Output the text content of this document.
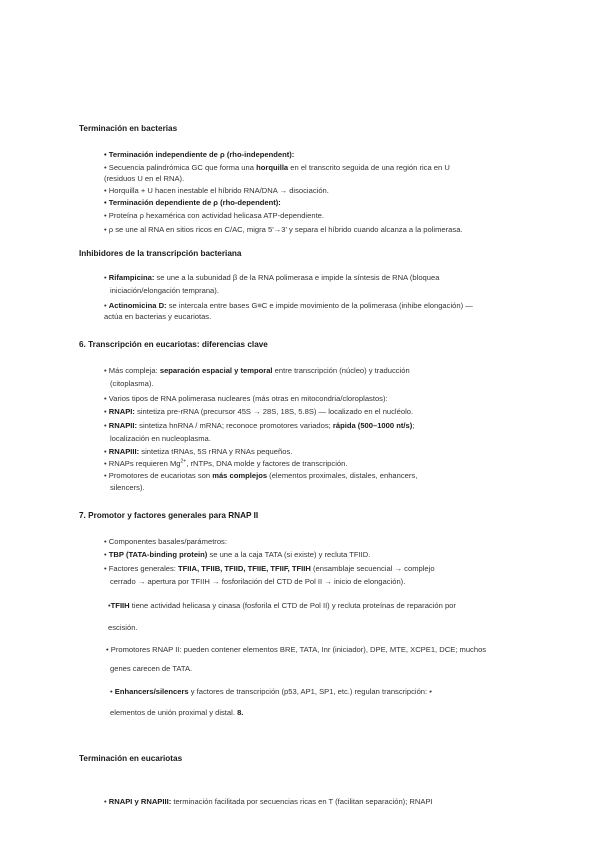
Terminación en bacterias
• Terminación independiente de ρ (rho-independent):
• Secuencia palindrómica GC que forma una horquilla en el transcrito seguida de una región rica en U
(residuos U en el RNA).
• Horquilla + U hacen inestable el híbrido RNA/DNA → disociación.
• Terminación dependiente de ρ (rho-dependent):
• Proteína ρ hexamérica con actividad helicasa ATP-dependiente.
• ρ se une al RNA en sitios ricos en C/AC, migra 5'→3' y separa el híbrido cuando alcanza a la polimerasa.
Inhibidores de la transcripción bacteriana
• Rifampicina: se une a la subunidad β de la RNA polimerasa e impide la síntesis de RNA (bloquea
iniciación/elongación temprana).
• Actinomicina D: se intercala entre bases G≡C e impide movimiento de la polimerasa (inhibe elongación) —
actúa en bacterias y eucariotas.
6. Transcripción en eucariotas: diferencias clave
• Más compleja: separación espacial y temporal entre transcripción (núcleo) y traducción
(citoplasma).
• Varios tipos de RNA polimerasa nucleares (más otras en mitocondria/cloroplastos):
• RNAPI: sintetiza pre-rRNA (precursor 45S → 28S, 18S, 5.8S) — localizado en el nucléolo.
• RNAPII: sintetiza hnRNA / mRNA; reconoce promotores variados; rápida (500–1000 nt/s);
localización en nucleoplasma.
• RNAPIII: sintetiza tRNAs, 5S rRNA y RNAs pequeños.
• RNAPs requieren $Mg^{2+}$, rNTPs, DNA molde y factores de transcripción.
• Promotores de eucariotas son más complejos (elementos proximales, distales, enhancers,
silencers).
7. Promotor y factores generales para RNAP II
• Componentes basales/parámetros:
• TBP (TATA-binding protein) se une a la caja TATA (si existe) y recluta TFIID.
• Factores generales: TFIIA, TFIIB, TFIID, TFIIE, TFIIF, TFIIH (ensamblaje secuencial → complejo
cerrado → apertura por TFIIH → fosforilación del CTD de Pol II → inicio de elongación).
•TFIIH tiene actividad helicasa y cinasa (fosforila el CTD de Pol II) y recluta proteínas de reparación por
escisión.
• Promotores RNAP II: pueden contener elementos BRE, TATA, Inr (iniciador), DPE, MTE, XCPE1, DCE; muchos
genes carecen de TATA.
• Enhancers/silencers y factores de transcripción (p53, AP1, SP1, etc.) regulan transcripción: •
elementos de unión proximal y distal. 8.
Terminación en eucariotas
• RNAPI y RNAPIII: terminación facilitada por secuencias ricas en T (facilitan separación); RNAPI
